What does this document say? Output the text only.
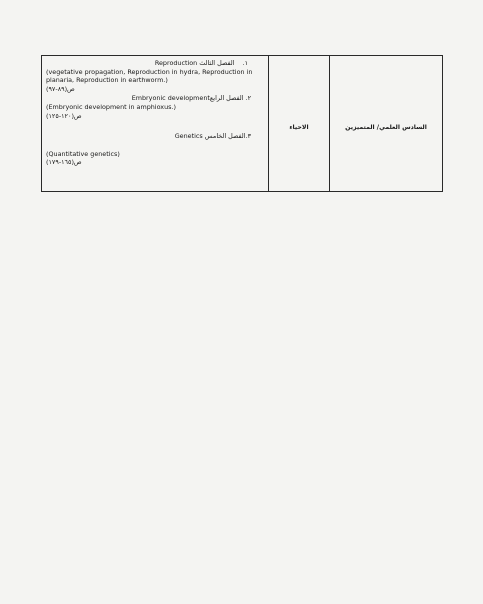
Reproduction الفصل الثالث ١.
(vegetative propagation, Reproduction in hydra, Reproduction in planaria, Reproduction in earthworm.)
ص(٨٩-٩٧)
Embryonic developmentالفصل الرابع ٢.
(Embryonic development in amphioxus.)
ص(١٢٠-١٢٥)
Genetics الفصل الخامس٣.
(Quantitative genetics)
ص(١٦٥-١٧٩)
	الاحياء	السادس العلمي/ المتميزين
